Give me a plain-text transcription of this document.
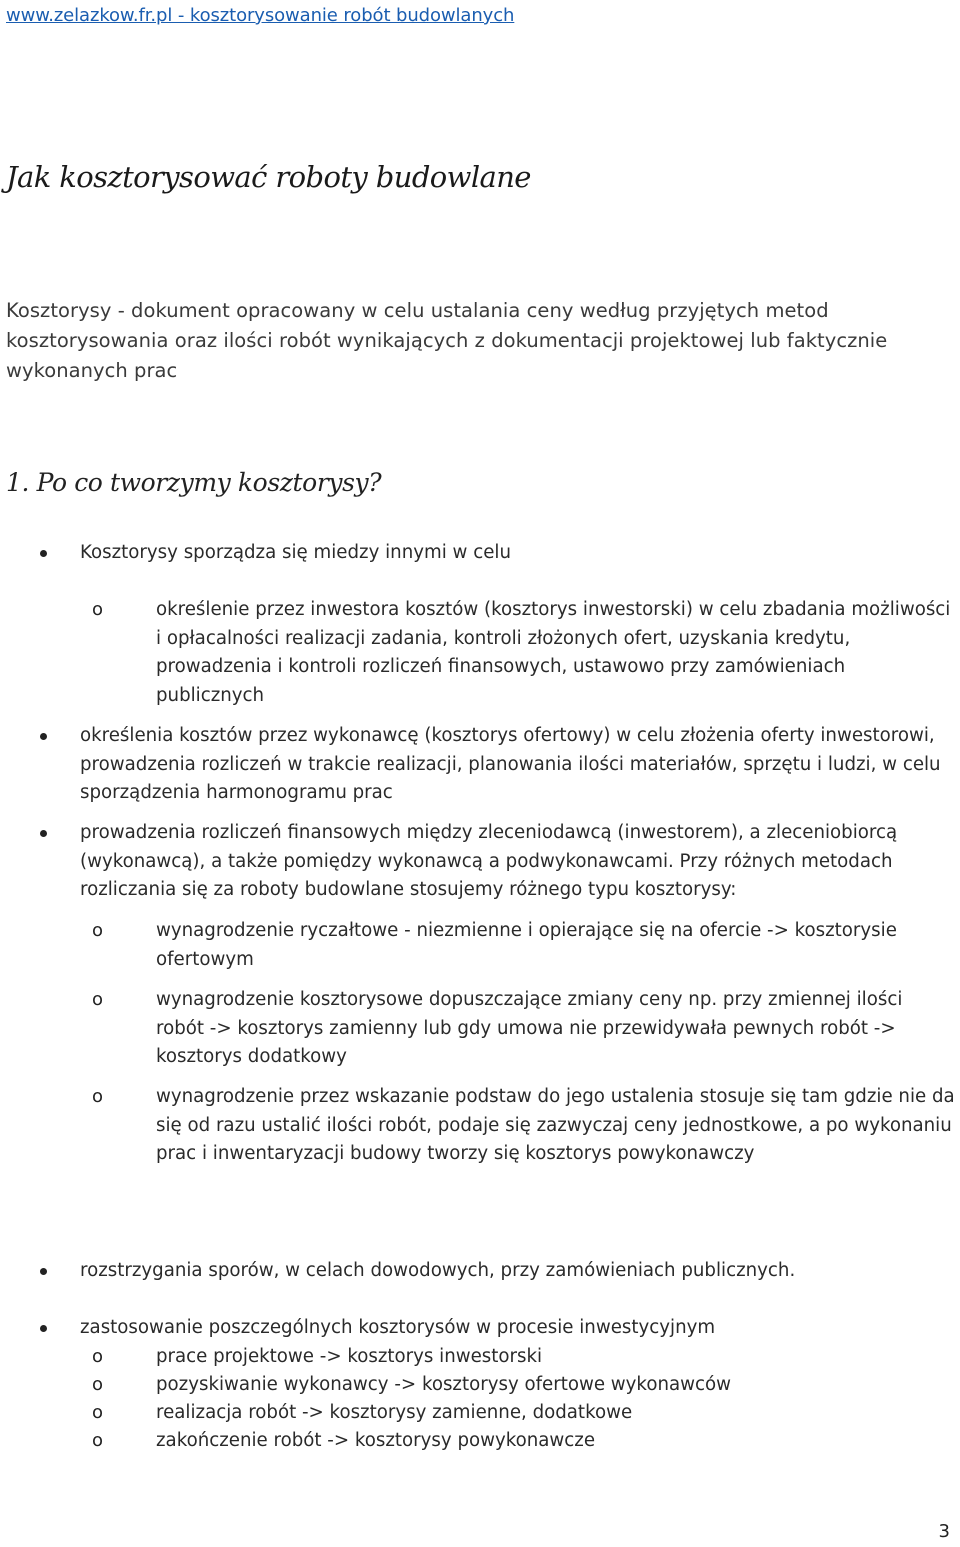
www.zelazkow.fr.pl - kosztorysowanie robót budowlanych
Jak kosztorysować roboty budowlane
Kosztorysy - dokument opracowany w celu ustalania ceny według przyjętych metod kosztorysowania oraz ilości robót wynikających z dokumentacji projektowej lub faktycznie wykonanych prac
1. Po co tworzymy kosztorysy?
Kosztorysy sporządza się miedzy innymi w celu
o	określenie przez inwestora kosztów (kosztorys inwestorski) w celu zbadania możliwości i opłacalności realizacji zadania, kontroli złożonych ofert, uzyskania kredytu, prowadzenia i kontroli rozliczeń finansowych, ustawowo przy zamówieniach publicznych
określenia kosztów przez wykonawcę (kosztorys ofertowy) w celu złożenia oferty inwestorowi, prowadzenia rozliczeń w trakcie realizacji, planowania ilości materiałów, sprzętu i ludzi, w celu sporządzenia harmonogramu prac
prowadzenia rozliczeń finansowych między zleceniodawcą (inwestorem), a zleceniobiorcą (wykonawcą), a także pomiędzy wykonawcą a podwykonawcami. Przy różnych metodach rozliczania się za roboty budowlane stosujemy różnego typu kosztorysy:
o	wynagrodzenie ryczałtowe - niezmienne i opierające się na ofercie -> kosztorysie ofertowym
o	wynagrodzenie kosztorysowe dopuszczające zmiany ceny np. przy zmiennej ilości robót -> kosztorys zamienny lub gdy umowa nie przewidywała pewnych robót -> kosztorys dodatkowy
o	wynagrodzenie przez wskazanie podstaw do jego ustalenia stosuje się tam gdzie nie da się od razu ustalić ilości robót, podaje się zazwyczaj ceny jednostkowe, a po wykonaniu prac i inwentaryzacji budowy tworzy się kosztorys powykonawczy
rozstrzygania sporów, w celach dowodowych, przy zamówieniach publicznych.
zastosowanie poszczególnych kosztorysów w procesie inwestycyjnym
o	prace projektowe -> kosztorys inwestorski
o	pozyskiwanie wykonawcy -> kosztorysy ofertowe wykonawców
o	realizacja robót -> kosztorysy zamienne, dodatkowe
o	zakończenie robót -> kosztorysy powykonawcze
3
